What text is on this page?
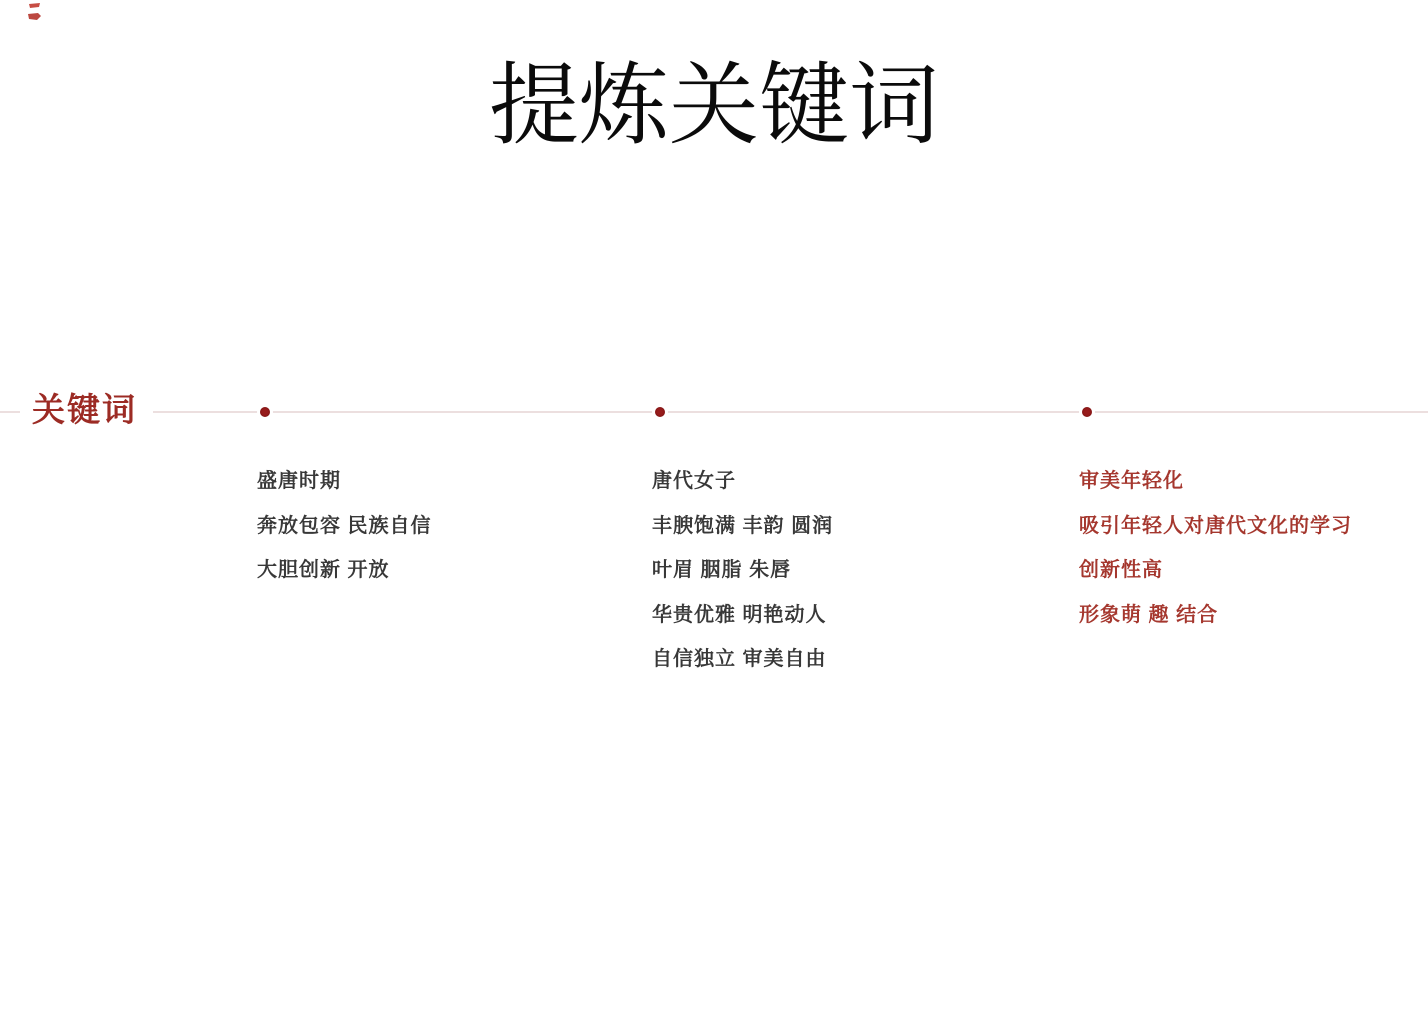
提炼关键词
关键词
盛唐时期
奔放包容 民族自信
大胆创新 开放
唐代女子
丰腴饱满 丰韵 圆润
叶眉 胭脂 朱唇
华贵优雅 明艳动人
自信独立 审美自由
审美年轻化
吸引年轻人对唐代文化的学习
创新性高
形象萌 趣 结合
